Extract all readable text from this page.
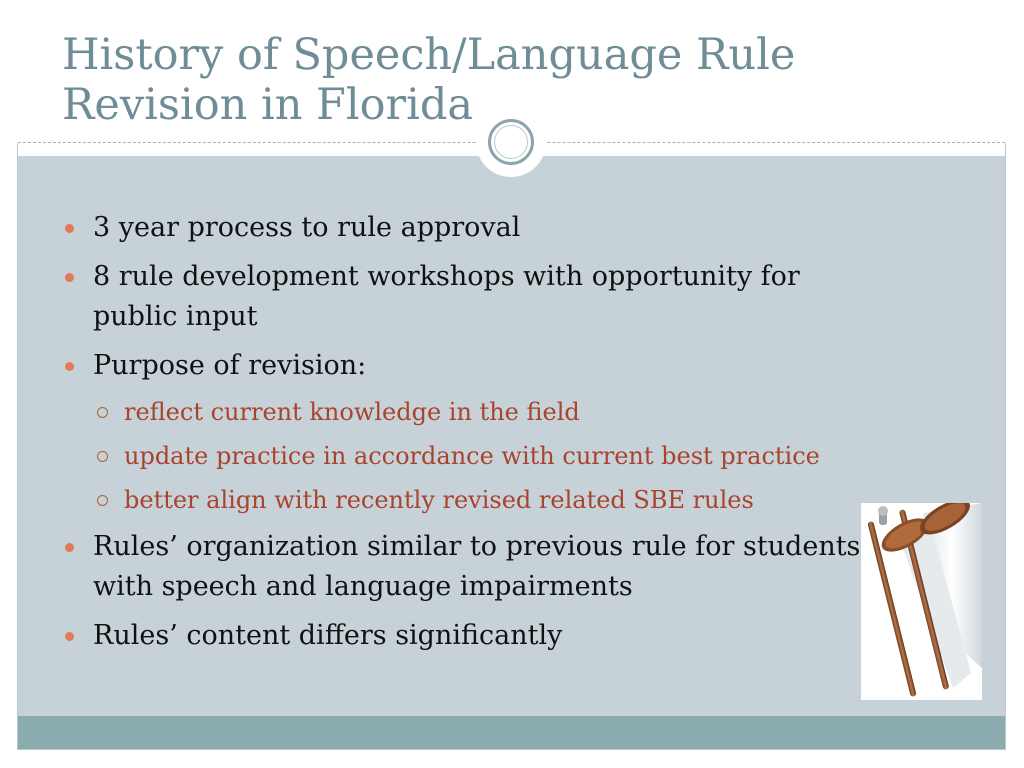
History of Speech/Language Rule Revision in Florida
3 year process to rule approval
8 rule development workshops with opportunity for public input
Purpose of revision:
reflect current knowledge in the field
update practice in accordance with current best practice
better align with recently revised related SBE rules
Rules’ organization similar to previous rule for students with speech and language impairments
Rules’ content differs significantly
